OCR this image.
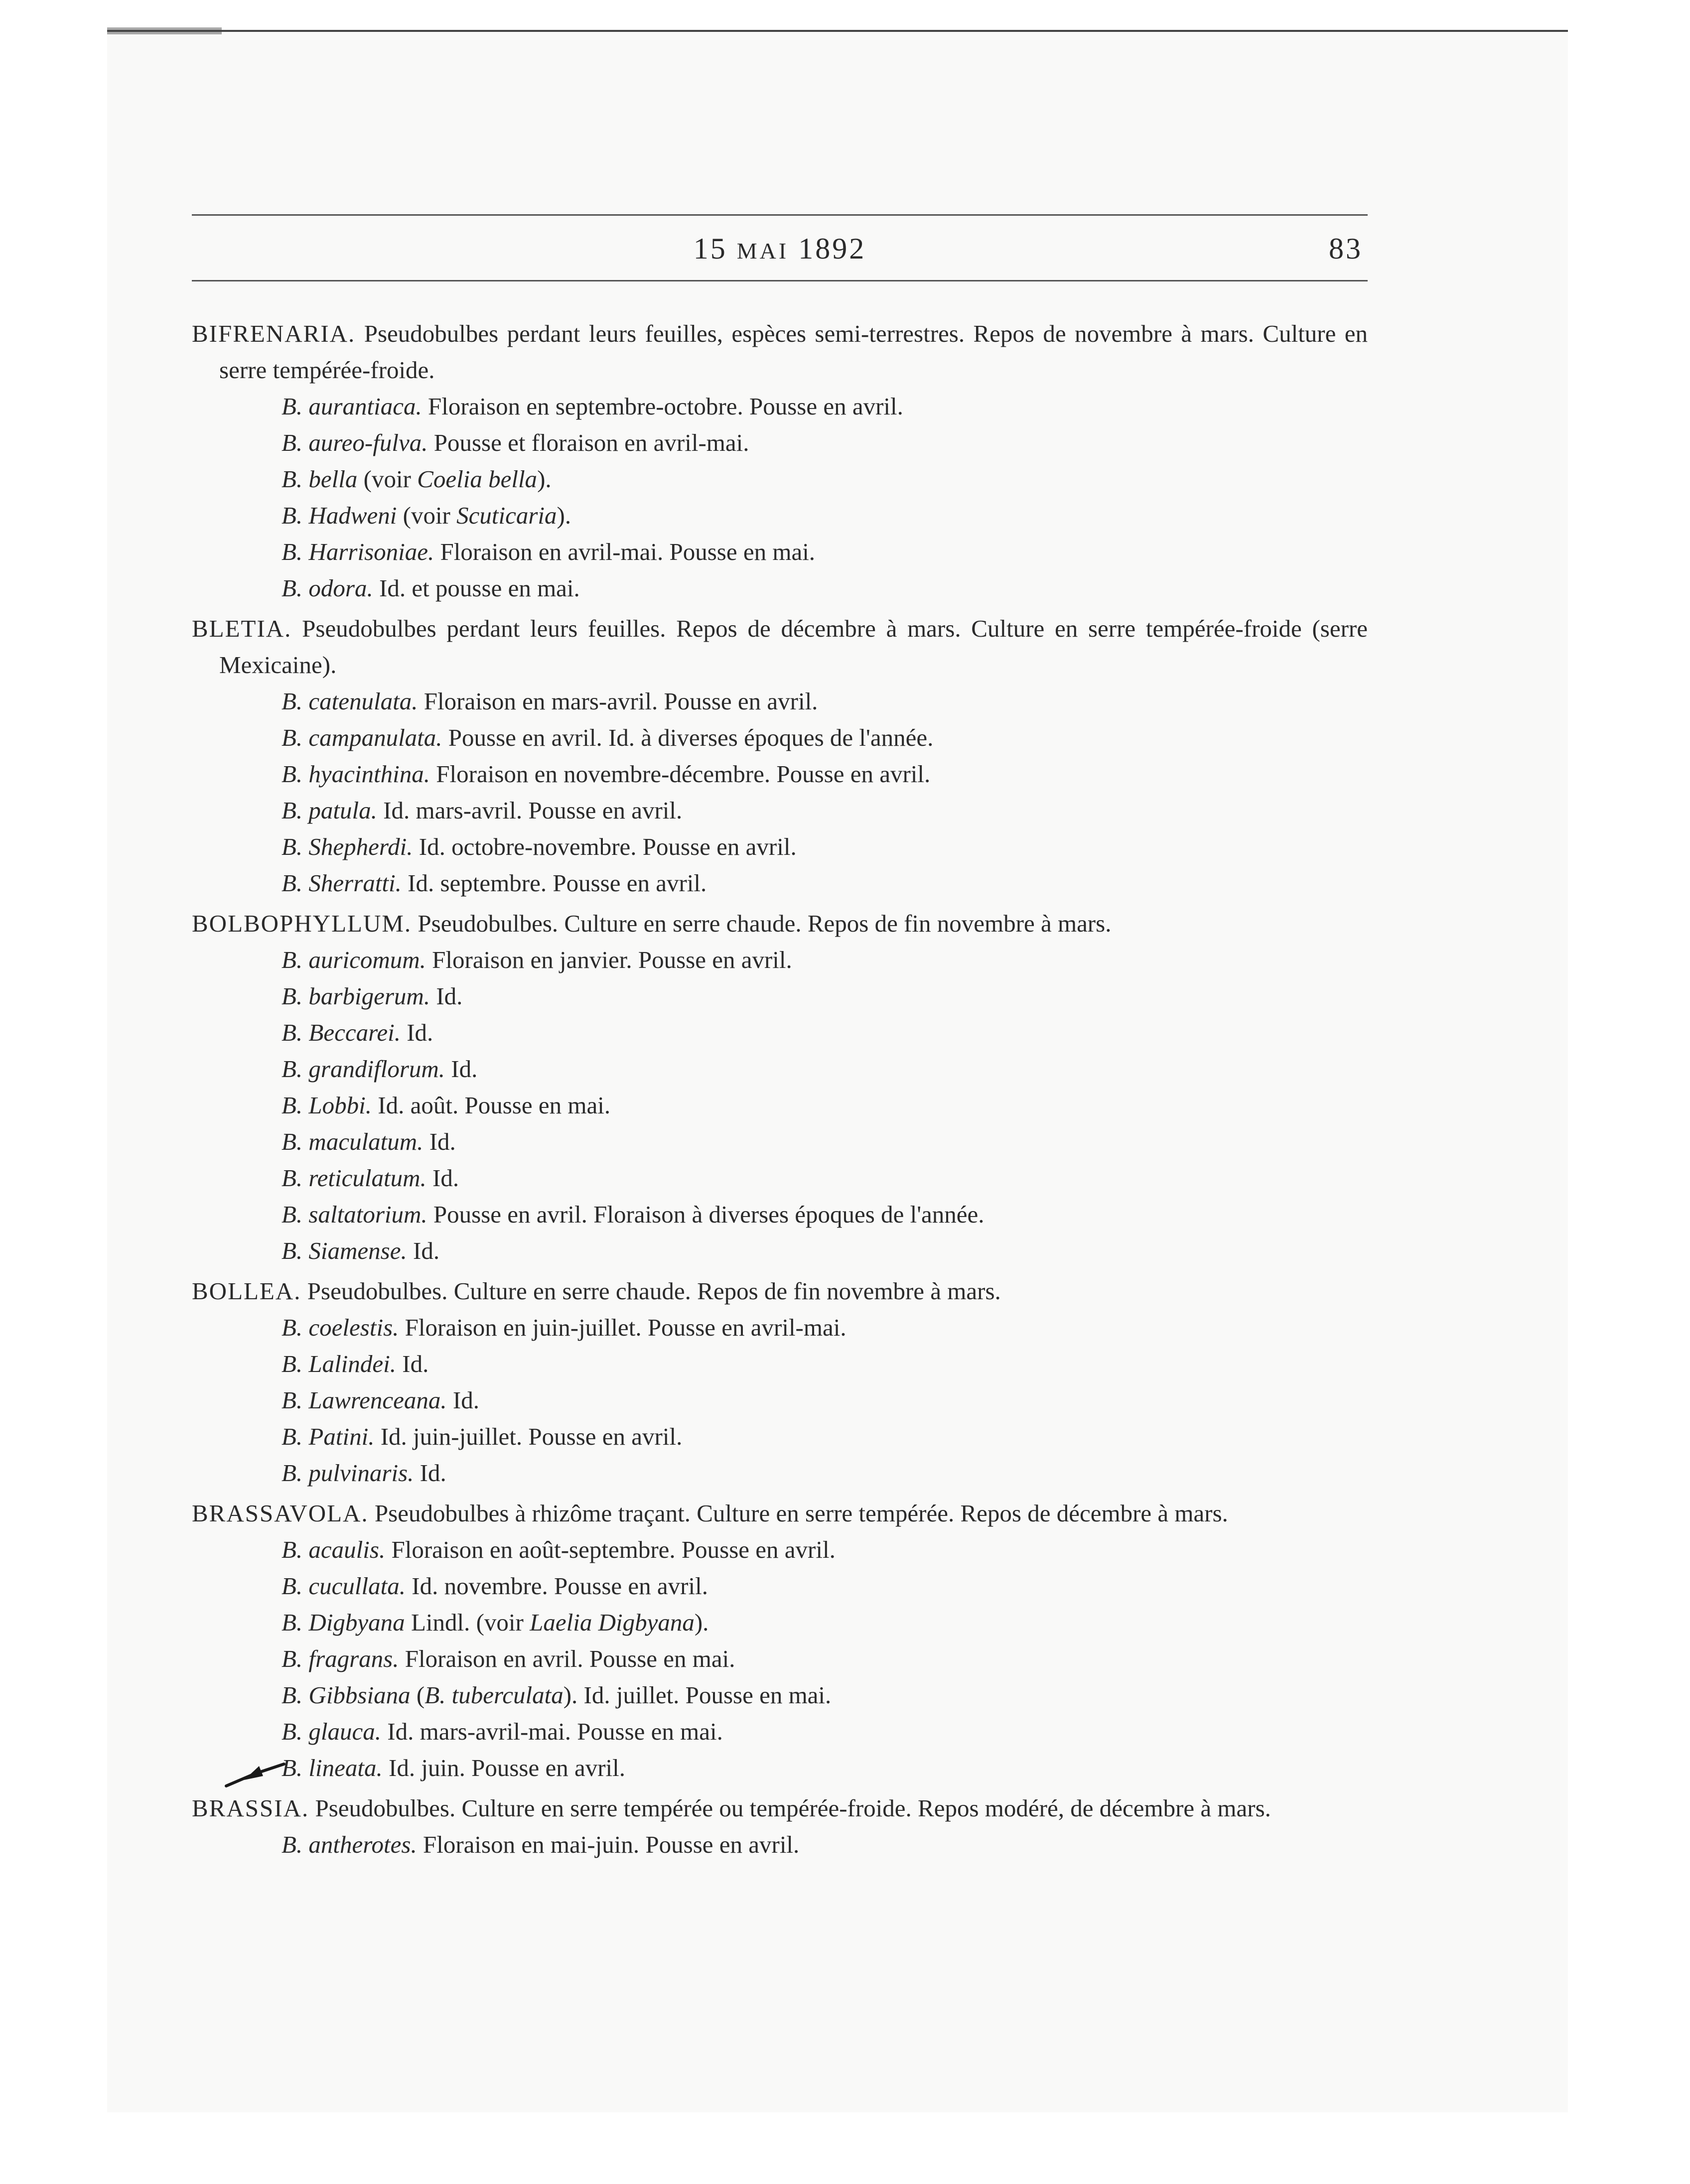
15 MAI 1892	83
BIFRENARIA. Pseudobulbes perdant leurs feuilles, espèces semi-terrestres. Repos de novembre à mars. Culture en serre tempérée-froide.
B. aurantiaca. Floraison en septembre-octobre. Pousse en avril.
B. aureo-fulva. Pousse et floraison en avril-mai.
B. bella (voir Coelia bella).
B. Hadweni (voir Scuticaria).
B. Harrisoniae. Floraison en avril-mai. Pousse en mai.
B. odora. Id. et pousse en mai.
BLETIA. Pseudobulbes perdant leurs feuilles. Repos de décembre à mars. Culture en serre tempérée-froide (serre Mexicaine).
B. catenulata. Floraison en mars-avril. Pousse en avril.
B. campanulata. Pousse en avril. Id. à diverses époques de l'année.
B. hyacinthina. Floraison en novembre-décembre. Pousse en avril.
B. patula. Id. mars-avril. Pousse en avril.
B. Shepherdi. Id. octobre-novembre. Pousse en avril.
B. Sherratti. Id. septembre. Pousse en avril.
BOLBOPHYLLUM. Pseudobulbes. Culture en serre chaude. Repos de fin novembre à mars.
B. auricomum. Floraison en janvier. Pousse en avril.
B. barbigerum. Id.
B. Beccarei. Id.
B. grandiflorum. Id.
B. Lobbi. Id. août. Pousse en mai.
B. maculatum. Id.
B. reticulatum. Id.
B. saltatorium. Pousse en avril. Floraison à diverses époques de l'année.
B. Siamense. Id.
BOLLEA. Pseudobulbes. Culture en serre chaude. Repos de fin novembre à mars.
B. coelestis. Floraison en juin-juillet. Pousse en avril-mai.
B. Lalindei. Id.
B. Lawrenceana. Id.
B. Patini. Id. juin-juillet. Pousse en avril.
B. pulvinaris. Id.
BRASSAVOLA. Pseudobulbes à rhizôme traçant. Culture en serre tempérée. Repos de décembre à mars.
B. acaulis. Floraison en août-septembre. Pousse en avril.
B. cucullata. Id. novembre. Pousse en avril.
B. Digbyana Lindl. (voir Laelia Digbyana).
B. fragrans. Floraison en avril. Pousse en mai.
B. Gibbsiana (B. tuberculata). Id. juillet. Pousse en mai.
B. glauca. Id. mars-avril-mai. Pousse en mai.
B. lineata. Id. juin. Pousse en avril.
BRASSIA. Pseudobulbes. Culture en serre tempérée ou tempérée-froide. Repos modéré, de décembre à mars.
B. antherotes. Floraison en mai-juin. Pousse en avril.
